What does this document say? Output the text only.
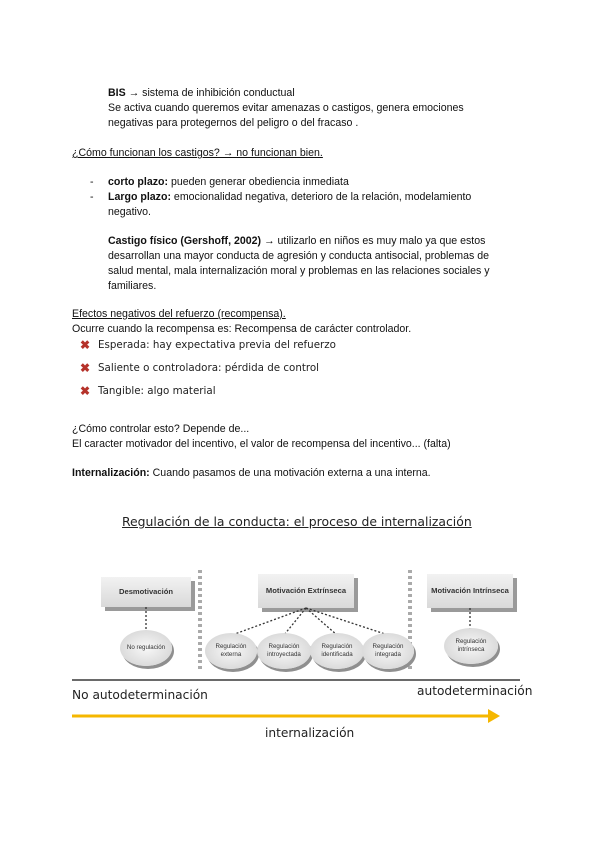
BIS → sistema de inhibición conductual
Se activa cuando queremos evitar amenazas o castigos, genera emociones
negativas para protegernos del peligro o del fracaso .
¿Cómo funcionan los castigos? → no funcionan bien.
- corto plazo: pueden generar obediencia inmediata
- Largo plazo: emocionalidad negativa, deterioro de la relación, modelamiento
negativo.
Castigo físico (Gershoff, 2002) → utilizarlo en niños es muy malo ya que estos
desarrollan una mayor conducta de agresión y conducta antisocial, problemas de
salud mental, mala internalización moral y problemas en las relaciones sociales y
familiares.
Efectos negativos del refuerzo (recompensa).
Ocurre cuando la recompensa es: Recompensa de carácter controlador.
✖ Esperada: hay expectativa previa del refuerzo
✖ Saliente o controladora: pérdida de control
✖ Tangible: algo material
¿Cómo controlar esto? Depende de...
El caracter motivador del incentivo, el valor de recompensa del incentivo... (falta)
Internalización: Cuando pasamos de una motivación externa a una interna.
Regulación de la conducta: el proceso de internalización
Desmotivación	Motivación Extrínseca	Motivación Intrínseca
No regulación	Regulación externa
Regulación introyectada
Regulación identificada
Regulación integrada
Regulación intrínseca
No autodeterminación	autodeterminación
internalización
